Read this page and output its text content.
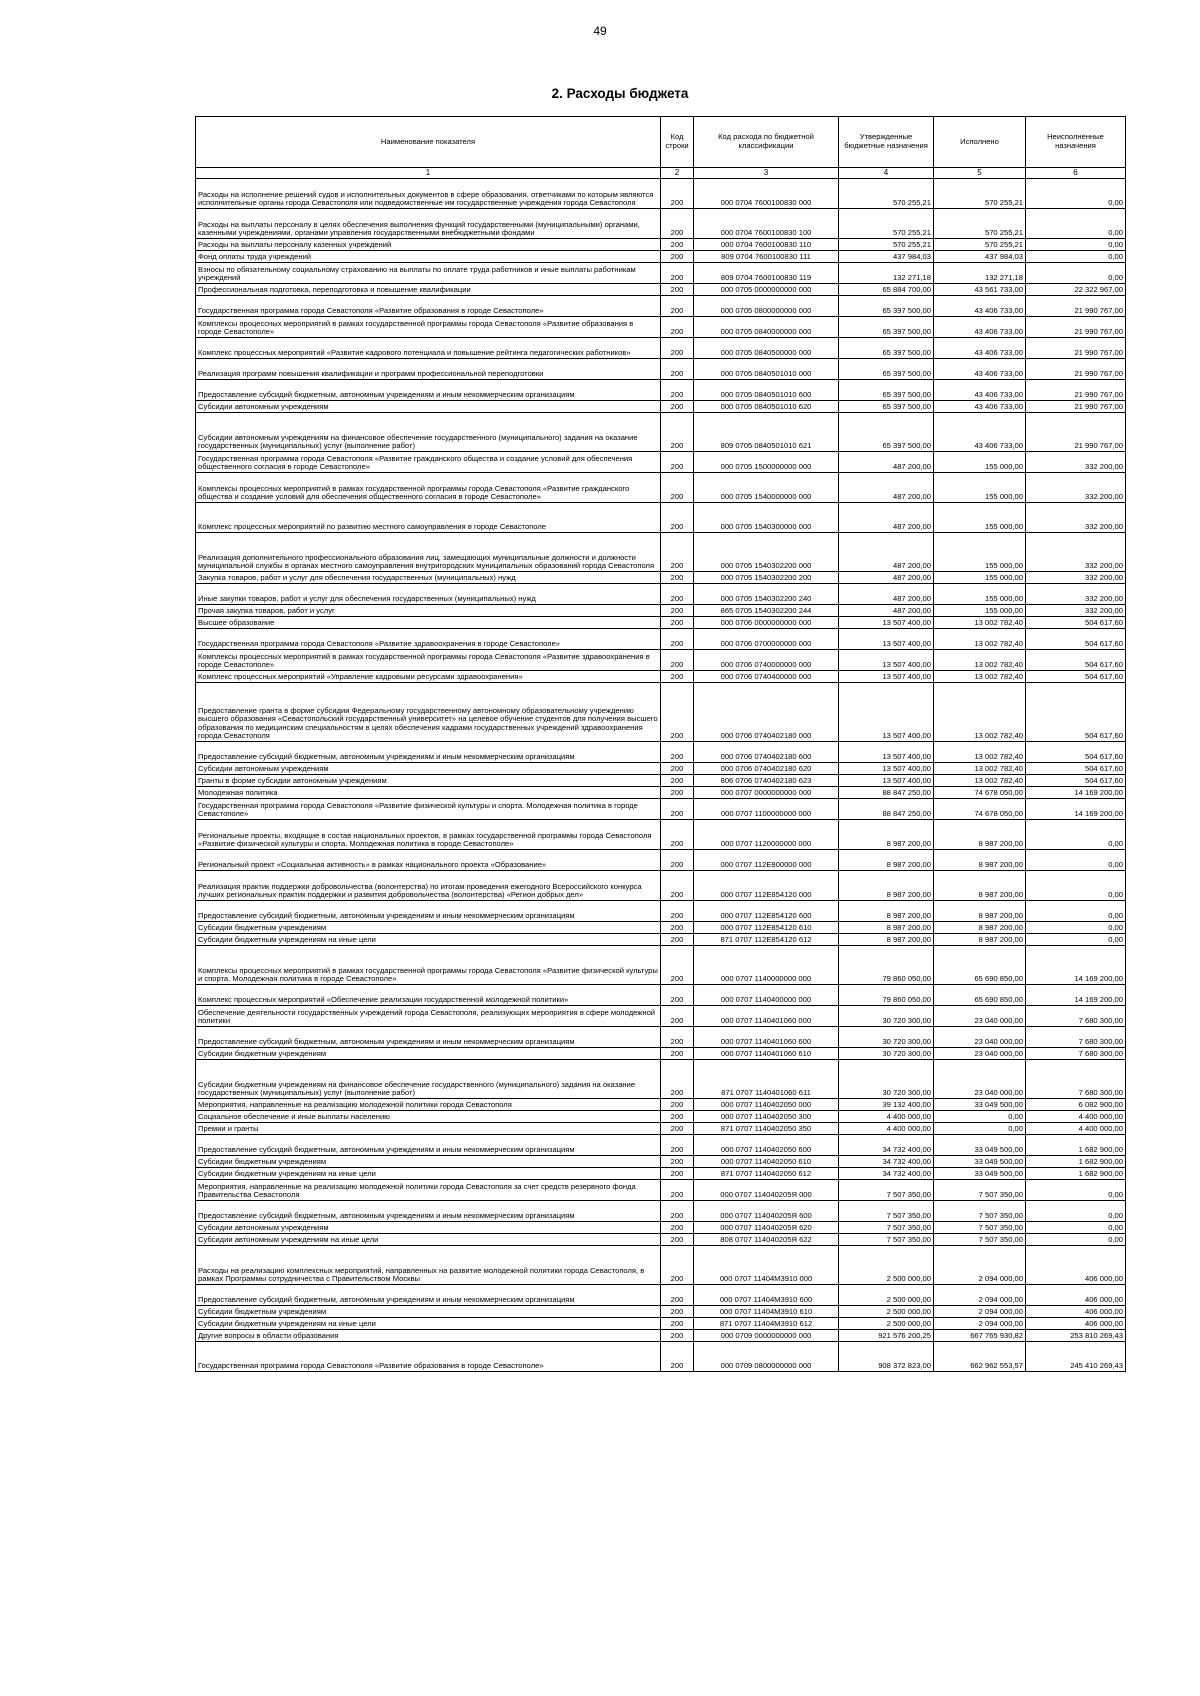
49
2. Расходы бюджета
Наименование показателя	Код строки	Код расхода по бюджетной классификации	Утвержденные бюджетные назначения	Исполнено	Неисполненные назначения
1	2	3	4	5	6
Расходы на исполнение решений судов и исполнительных документов в сфере образования, ответчиками по которым являются исполнительные органы города Севастополя или подведомственные им государственные учреждения города Севастополя	200	000 0704 7600100830 000	570 255,21	570 255,21	0,00
Расходы на выплаты персоналу в целях обеспечения выполнения функций государственными (муниципальными) органами, казенными учреждениями, органами управления государственными внебюджетными фондами	200	000 0704 7600100830 100	570 255,21	570 255,21	0,00
Расходы на выплаты персоналу казенных учреждений	200	000 0704 7600100830 110	570 255,21	570 255,21	0,00
Фонд оплаты труда учреждений	200	809 0704 7600100830 111	437 984,03	437 984,03	0,00
Взносы по обязательному социальному страхованию на выплаты по оплате труда работников и иные выплаты работникам учреждений	200	809 0704 7600100830 119	132 271,18	132 271,18	0,00
Профессиональная подготовка, переподготовка и повышение квалификации	200	000 0705 0000000000 000	65 884 700,00	43 561 733,00	22 322 967,00
Государственная программа города Севастополя «Развитие образования в городе Севастополе»	200	000 0705 0800000000 000	65 397 500,00	43 406 733,00	21 990 767,00
Комплексы процессных мероприятий в рамках государственной программы города Севастополя «Развитие образования в городе Севастополе»	200	000 0705 0840000000 000	65 397 500,00	43 406 733,00	21 990 767,00
Комплекс процессных мероприятий «Развитие кадрового потенциала и повышение рейтинга педагогических работников»	200	000 0705 0840500000 000	65 397 500,00	43 406 733,00	21 990 767,00
Реализация программ повышения квалификации и программ профессиональной переподготовки	200	000 0705 0840501010 000	65 397 500,00	43 406 733,00	21 990 767,00
Предоставление субсидий бюджетным, автономным учреждениям и иным некоммерческим организациям	200	000 0705 0840501010 600	65 397 500,00	43 406 733,00	21 990 767,00
Субсидии автономным учреждениям	200	000 0705 0840501010 620	65 397 500,00	43 406 733,00	21 990 767,00
Субсидии автономным учреждениям на финансовое обеспечение государственного (муниципального) задания на оказание государственных (муниципальных) услуг (выполнение работ)	200	809 0705 0840501010 621	65 397 500,00	43 406 733,00	21 990 767,00
Государственная программа города Севастополя «Развитие гражданского общества и создание условий для обеспечения общественного согласия в городе Севастополе»	200	000 0705 1500000000 000	487 200,00	155 000,00	332 200,00
Комплексы процессных мероприятий в рамках государственной программы города Севастополя «Развитие гражданского общества и создание условий для обеспечения общественного согласия в городе Севастополе»	200	000 0705 1540000000 000	487 200,00	155 000,00	332 200,00
Комплекс процессных мероприятий по развитию местного самоуправления в городе Севастополе	200	000 0705 1540300000 000	487 200,00	155 000,00	332 200,00
Реализация дополнительного профессионального образования лиц, замещающих муниципальные должности и должности муниципальной службы в органах местного самоуправления внутригородских муниципальных образований города Севастополя	200	000 0705 1540302200 000	487 200,00	155 000,00	332 200,00
Закупка товаров, работ и услуг для обеспечения государственных (муниципальных) нужд	200	000 0705 1540302200 200	487 200,00	155 000,00	332 200,00
Иные закупки товаров, работ и услуг для обеспечения государственных (муниципальных) нужд	200	000 0705 1540302200 240	487 200,00	155 000,00	332 200,00
Прочая закупка товаров, работ и услуг	200	865 0705 1540302200 244	487 200,00	155 000,00	332 200,00
Высшее образование	200	000 0706 0000000000 000	13 507 400,00	13 002 782,40	504 617,60
Государственная программа города Севастополя «Развитие здравоохранения в городе Севастополе»	200	000 0706 0700000000 000	13 507 400,00	13 002 782,40	504 617,60
Комплексы процессных мероприятий в рамках государственной программы города Севастополя «Развитие здравоохранения в городе Севастополе»	200	000 0706 0740000000 000	13 507 400,00	13 002 782,40	504 617,60
Комплекс процессных мероприятий «Управление кадровыми ресурсами здравоохранения»	200	000 0706 0740400000 000	13 507 400,00	13 002 782,40	504 617,60
Предоставление гранта в форме субсидии Федеральному государственному автономному образовательному учреждению высшего образования «Севастопольский государственный университет» на целевое обучение студентов для получения высшего образования по медицинским специальностям в целях обеспечения кадрами государственных учреждений здравоохранения города Севастополя	200	000 0706 0740402180 000	13 507 400,00	13 002 782,40	504 617,60
Предоставление субсидий бюджетным, автономным учреждениям и иным некоммерческим организациям	200	000 0706 0740402180 600	13 507 400,00	13 002 782,40	504 617,60
Субсидии автономным учреждениям	200	000 0706 0740402180 620	13 507 400,00	13 002 782,40	504 617,60
Гранты в форме субсидии автономным учреждениям	200	806 0706 0740402180 623	13 507 400,00	13 002 782,40	504 617,60
Молодежная политика	200	000 0707 0000000000 000	88 847 250,00	74 678 050,00	14 169 200,00
Государственная программа города Севастополя «Развитие физической культуры и спорта. Молодежная политика в городе Севастополе»	200	000 0707 1100000000 000	88 847 250,00	74 678 050,00	14 169 200,00
Региональные проекты, входящие в состав национальных проектов, в рамках государственной программы города Севастополя «Развитие физической культуры и спорта. Молодежная политика в городе Севастополе»	200	000 0707 1120000000 000	8 987 200,00	8 987 200,00	0,00
Региональный проект «Социальная активность» в рамках национального проекта «Образование»	200	000 0707 112E800000 000	8 987 200,00	8 987 200,00	0,00
Реализация практик поддержки добровольчества (волонтерства) по итогам проведения ежегодного Всероссийского конкурса лучших региональных практик поддержки и развития добровольчества (волонтерства) «Регион добрых дел»	200	000 0707 112E854120 000	8 987 200,00	8 987 200,00	0,00
Предоставление субсидий бюджетным, автономным учреждениям и иным некоммерческим организациям	200	000 0707 112E854120 600	8 987 200,00	8 987 200,00	0,00
Субсидии бюджетным учреждениям	200	000 0707 112E854120 610	8 987 200,00	8 987 200,00	0,00
Субсидии бюджетным учреждениям на иные цели	200	871 0707 112E854120 612	8 987 200,00	8 987 200,00	0,00
Комплексы процессных мероприятий в рамках государственной программы города Севастополя «Развитие физической культуры и спорта. Молодежная политика в городе Севастополе»	200	000 0707 1140000000 000	79 860 050,00	65 690 850,00	14 169 200,00
Комплекс процессных мероприятий «Обеспечение реализации государственной молодежной политики»	200	000 0707 1140400000 000	79 860 050,00	65 690 850,00	14 169 200,00
Обеспечение деятельности государственных учреждений города Севастополя, реализующих мероприятия в сфере молодежной политики	200	000 0707 1140401060 000	30 720 300,00	23 040 000,00	7 680 300,00
Предоставление субсидий бюджетным, автономным учреждениям и иным некоммерческим организациям	200	000 0707 1140401060 600	30 720 300,00	23 040 000,00	7 680 300,00
Субсидии бюджетным учреждениям	200	000 0707 1140401060 610	30 720 300,00	23 040 000,00	7 680 300,00
Субсидии бюджетным учреждениям на финансовое обеспечение государственного (муниципального) задания на оказание государственных (муниципальных) услуг (выполнение работ)	200	871 0707 1140401060 611	30 720 300,00	23 040 000,00	7 680 300,00
Мероприятия, направленные на реализацию молодежной политики города Севастополя	200	000 0707 1140402050 000	39 132 400,00	33 049 500,00	6 082 900,00
Социальное обеспечение и иные выплаты населению	200	000 0707 1140402050 300	4 400 000,00	0,00	4 400 000,00
Премии и гранты	200	871 0707 1140402050 350	4 400 000,00	0,00	4 400 000,00
Предоставление субсидий бюджетным, автономным учреждениям и иным некоммерческим организациям	200	000 0707 1140402050 600	34 732 400,00	33 049 500,00	1 682 900,00
Субсидии бюджетным учреждениям	200	000 0707 1140402050 610	34 732 400,00	33 049 500,00	1 682 900,00
Субсидии бюджетным учреждениям на иные цели	200	871 0707 1140402050 612	34 732 400,00	33 049 500,00	1 682 900,00
Мероприятия, направленные на реализацию молодежной политики города Севастополя за счет средств резервного фонда Правительства Севастополя	200	000 0707 114040205Я 000	7 507 350,00	7 507 350,00	0,00
Предоставление субсидий бюджетным, автономным учреждениям и иным некоммерческим организациям	200	000 0707 114040205Я 600	7 507 350,00	7 507 350,00	0,00
Субсидии автономным учреждениям	200	000 0707 114040205Я 620	7 507 350,00	7 507 350,00	0,00
Субсидии автономным учреждениям на иные цели	200	808 0707 114040205Я 622	7 507 350,00	7 507 350,00	0,00
Расходы на реализацию комплексных мероприятий, направленных на развитие молодежной политики города Севастополя, в рамках Программы сотрудничества с Правительством Москвы	200	000 0707 11404М3910 000	2 500 000,00	2 094 000,00	406 000,00
Предоставление субсидий бюджетным, автономным учреждениям и иным некоммерческим организациям	200	000 0707 11404М3910 600	2 500 000,00	2 094 000,00	406 000,00
Субсидии бюджетным учреждениям	200	000 0707 11404М3910 610	2 500 000,00	2 094 000,00	406 000,00
Субсидии бюджетным учреждениям на иные цели	200	871 0707 11404М3910 612	2 500 000,00	2 094 000,00	406 000,00
Другие вопросы в области образования	200	000 0709 0000000000 000	921 576 200,25	667 765 930,82	253 810 269,43
Государственная программа города Севастополя «Развитие образования в городе Севастополе»	200	000 0709 0800000000 000	908 372 823,00	662 962 553,57	245 410 269,43
